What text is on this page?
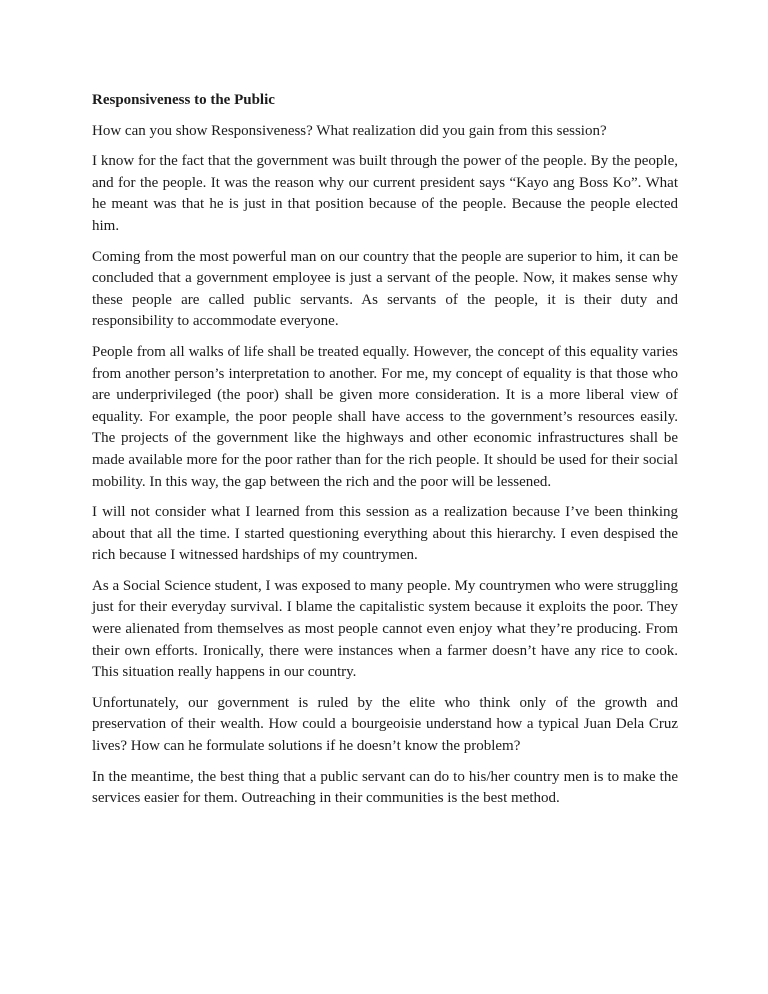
Responsiveness to the Public

How can you show Responsiveness? What realization did you gain from this session?

I know for the fact that the government was built through the power of the people. By the people, and for the people. It was the reason why our current president says “Kayo ang Boss Ko”. What he meant was that he is just in that position because of the people. Because the people elected him.

Coming from the most powerful man on our country that the people are superior to him, it can be concluded that a government employee is just a servant of the people. Now, it makes sense why these people are called public servants. As servants of the people, it is their duty and responsibility to accommodate everyone.

People from all walks of life shall be treated equally. However, the concept of this equality varies from another person’s interpretation to another. For me, my concept of equality is that those who are underprivileged (the poor) shall be given more consideration. It is a more liberal view of equality. For example, the poor people shall have access to the government’s resources easily. The projects of the government like the highways and other economic infrastructures shall be made available more for the poor rather than for the rich people. It should be used for their social mobility. In this way, the gap between the rich and the poor will be lessened.

I will not consider what I learned from this session as a realization because I’ve been thinking about that all the time. I started questioning everything about this hierarchy. I even despised the rich because I witnessed hardships of my countrymen.

As a Social Science student, I was exposed to many people. My countrymen who were struggling just for their everyday survival. I blame the capitalistic system because it exploits the poor. They were alienated from themselves as most people cannot even enjoy what they’re producing. From their own efforts. Ironically, there were instances when a farmer doesn’t have any rice to cook. This situation really happens in our country.

Unfortunately, our government is ruled by the elite who think only of the growth and preservation of their wealth. How could a bourgeoisie understand how a typical Juan Dela Cruz lives? How can he formulate solutions if he doesn’t know the problem?

In the meantime, the best thing that a public servant can do to his/her country men is to make the services easier for them. Outreaching in their communities is the best method.
